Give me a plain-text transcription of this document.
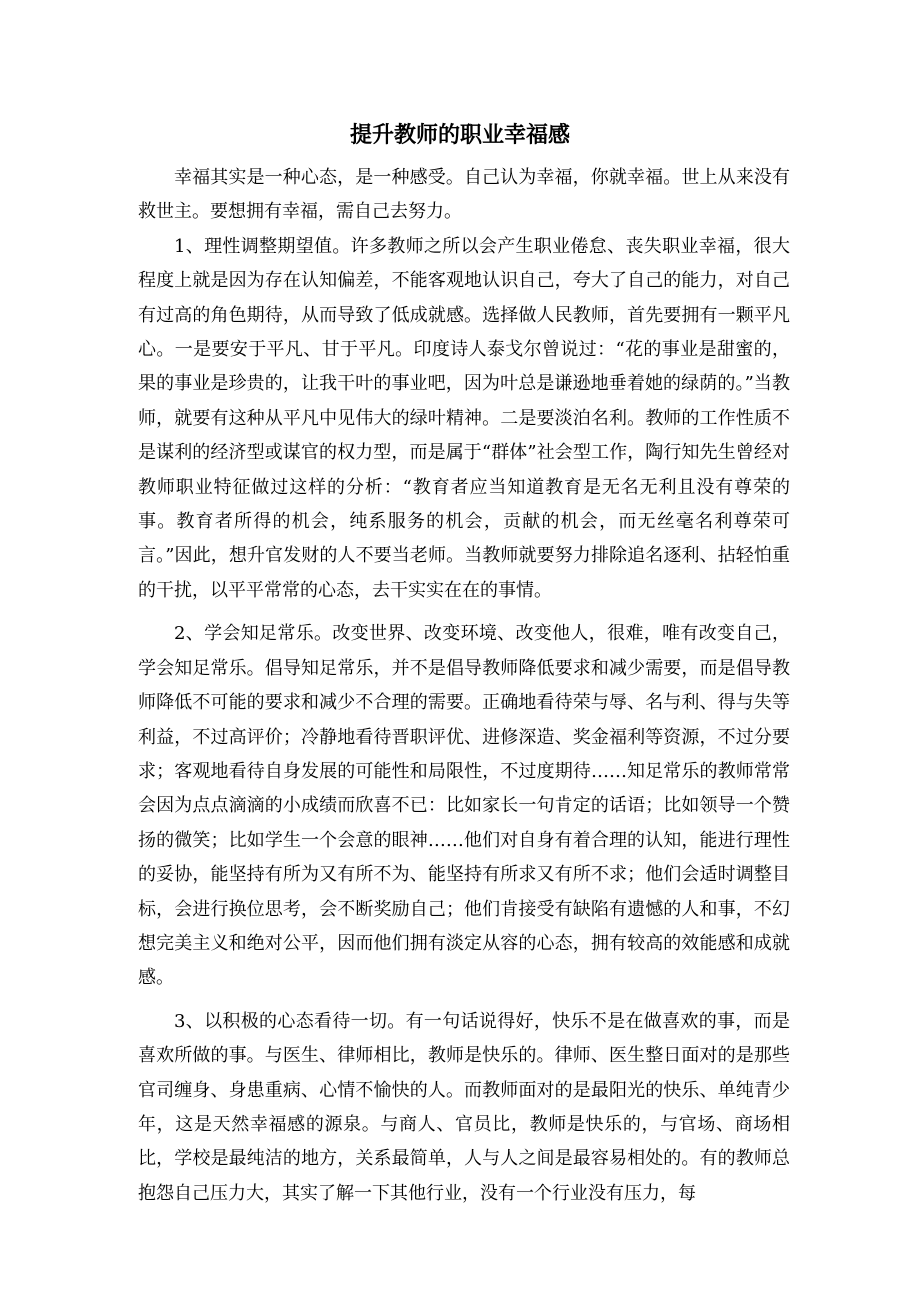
提升教师的职业幸福感

幸福其实是一种心态，是一种感受。自己认为幸福，你就幸福。世上从来没有救世主。要想拥有幸福，需自己去努力。

1、理性调整期望值。许多教师之所以会产生职业倦怠、丧失职业幸福，很大程度上就是因为存在认知偏差，不能客观地认识自己，夸大了自己的能力，对自己有过高的角色期待，从而导致了低成就感。选择做人民教师，首先要拥有一颗平凡心。一是要安于平凡、甘于平凡。印度诗人泰戈尔曾说过：“花的事业是甜蜜的，果的事业是珍贵的，让我干叶的事业吧，因为叶总是谦逊地垂着她的绿荫的。”当教师，就要有这种从平凡中见伟大的绿叶精神。二是要淡泊名利。教师的工作性质不是谋利的经济型或谋官的权力型，而是属于“群体”社会型工作，陶行知先生曾经对教师职业特征做过这样的分析：“教育者应当知道教育是无名无利且没有尊荣的事。教育者所得的机会，纯系服务的机会，贡献的机会，而无丝毫名利尊荣可言。”因此，想升官发财的人不要当老师。当教师就要努力排除追名逐利、拈轻怕重的干扰，以平平常常的心态，去干实实在在的事情。

2、学会知足常乐。改变世界、改变环境、改变他人，很难，唯有改变自己，学会知足常乐。倡导知足常乐，并不是倡导教师降低要求和减少需要，而是倡导教师降低不可能的要求和减少不合理的需要。正确地看待荣与辱、名与利、得与失等利益，不过高评价；冷静地看待晋职评优、进修深造、奖金福利等资源，不过分要求；客观地看待自身发展的可能性和局限性，不过度期待……知足常乐的教师常常会因为点点滴滴的小成绩而欣喜不已：比如家长一句肯定的话语；比如领导一个赞扬的微笑；比如学生一个会意的眼神……他们对自身有着合理的认知，能进行理性的妥协，能坚持有所为又有所不为、能坚持有所求又有所不求；他们会适时调整目标，会进行换位思考，会不断奖励自己；他们肯接受有缺陷有遗憾的人和事，不幻想完美主义和绝对公平，因而他们拥有淡定从容的心态，拥有较高的效能感和成就感。

3、以积极的心态看待一切。有一句话说得好，快乐不是在做喜欢的事，而是喜欢所做的事。与医生、律师相比，教师是快乐的。律师、医生整日面对的是那些官司缠身、身患重病、心情不愉快的人。而教师面对的是最阳光的快乐、单纯青少年，这是天然幸福感的源泉。与商人、官员比，教师是快乐的，与官场、商场相比，学校是最纯洁的地方，关系最简单，人与人之间是最容易相处的。有的教师总抱怨自己压力大，其实了解一下其他行业，没有一个行业没有压力，每
